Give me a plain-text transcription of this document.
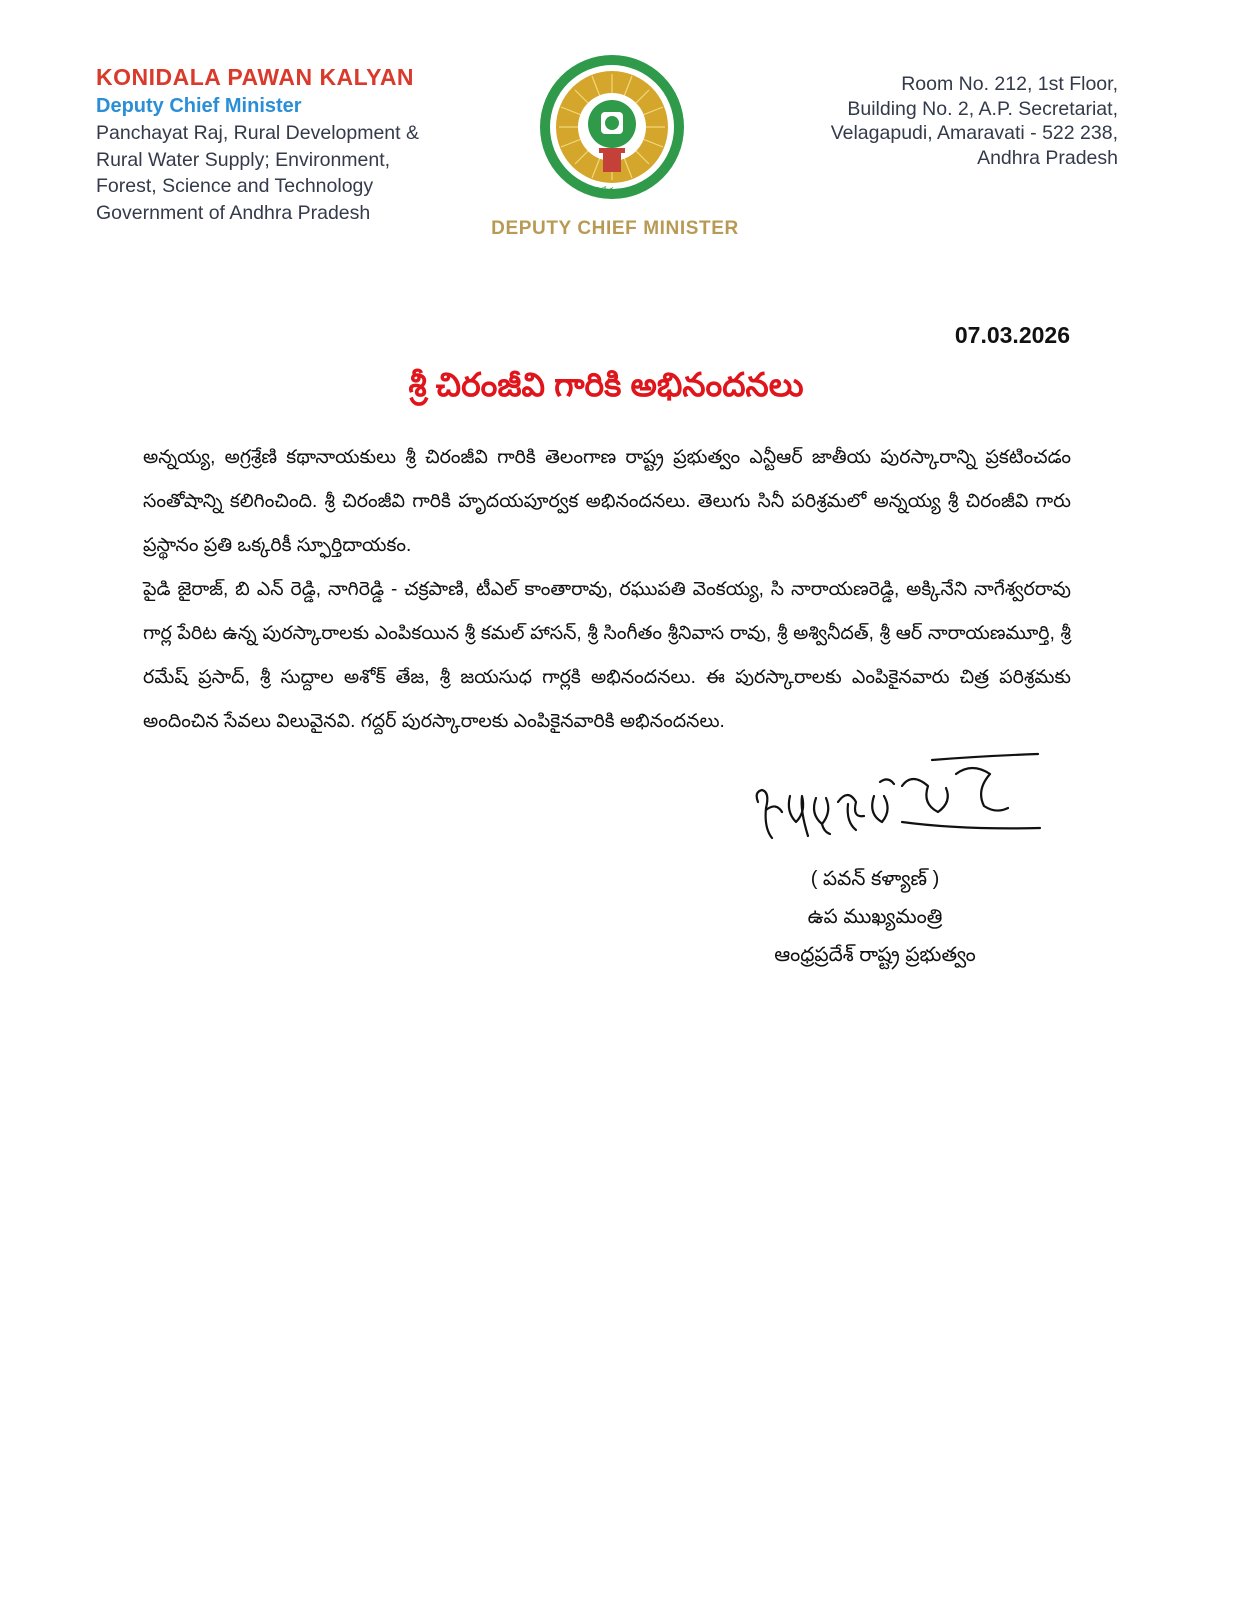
KONIDALA PAWAN KALYAN

Deputy Chief Minister
Panchayat Raj, Rural Development &
Rural Water Supply; Environment,
Forest, Science and Technology
Government of Andhra Pradesh
సత్యమేవ జయతే
DEPUTY CHIEF MINISTER
Room No. 212, 1st Floor,
Building No. 2, A.P. Secretariat,
Velagapudi, Amaravati - 522 238,
Andhra Pradesh
07.03.2026
శ్రీ చిరంజీవి గారికి అభినందనలు

అన్నయ్య, అగ్రశ్రేణి కథానాయకులు శ్రీ చిరంజీవి గారికి తెలంగాణ రాష్ట్ర ప్రభుత్వం ఎన్టీఆర్ జాతీయ పురస్కారాన్ని ప్రకటించడం సంతోషాన్ని కలిగించింది. శ్రీ చిరంజీవి గారికి హృదయపూర్వక అభినందనలు. తెలుగు సినీ పరిశ్రమలో అన్నయ్య శ్రీ చిరంజీవి గారు ప్రస్థానం ప్రతి ఒక్కరికీ స్ఫూర్తిదాయకం.

పైడి జైరాజ్, బి ఎన్ రెడ్డి, నాగిరెడ్డి - చక్రపాణి, టీఎల్ కాంతారావు, రఘుపతి వెంకయ్య, సి నారాయణరెడ్డి, అక్కినేని నాగేశ్వరరావు గార్ల పేరిట ఉన్న పురస్కారాలకు ఎంపికయిన శ్రీ కమల్ హాసన్, శ్రీ సింగీతం శ్రీనివాస రావు, శ్రీ అశ్వినీదత్, శ్రీ ఆర్ నారాయణమూర్తి, శ్రీ రమేష్ ప్రసాద్, శ్రీ సుద్దాల అశోక్ తేజ, శ్రీ జయసుధ గార్లకి అభినందనలు. ఈ పురస్కారాలకు ఎంపికైనవారు చిత్ర పరిశ్రమకు అందించిన సేవలు విలువైనవి. గద్దర్ పురస్కారాలకు ఎంపికైనవారికి అభినందనలు.

( పవన్ కళ్యాణ్ )
ఉప ముఖ్యమంత్రి
ఆంధ్రప్రదేశ్ రాష్ట్ర ప్రభుత్వం
